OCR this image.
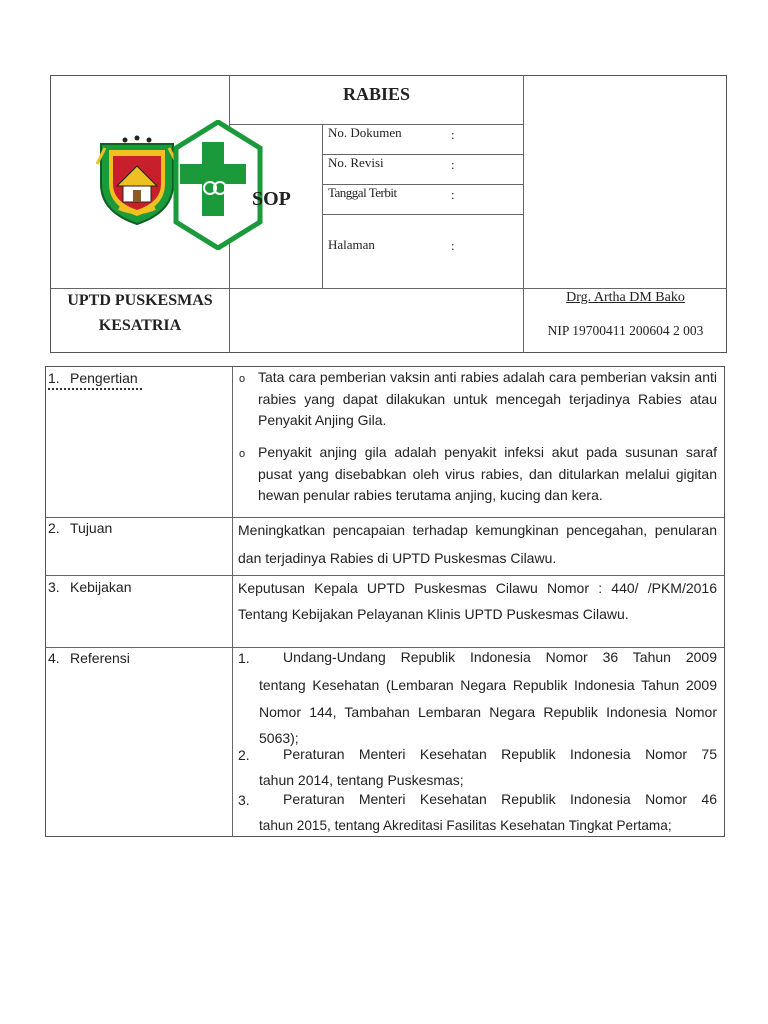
RABIES
SOP
No. Dokumen	:
No. Revisi	:
Tanggal Terbit	:
Halaman	:
UPTD PUSKESMAS
KESATRIA
Drg. Artha DM Bako
NIP 19700411 200604 2 003
1. Pengertian	o Tata cara pemberian vaksin anti rabies adalah cara pemberian vaksin anti rabies yang dapat dilakukan untuk mencegah terjadinya Rabies atau Penyakit Anjing Gila.
o Penyakit anjing gila adalah penyakit infeksi akut pada susunan saraf pusat yang disebabkan oleh virus rabies, dan ditularkan melalui gigitan hewan penular rabies terutama anjing, kucing dan kera.
2. Tujuan	Meningkatkan pencapaian terhadap kemungkinan pencegahan, penularan dan terjadinya Rabies di UPTD Puskesmas Cilawu.
3. Kebijakan	Keputusan Kepala UPTD Puskesmas Cilawu Nomor : 440/ /PKM/2016 Tentang Kebijakan Pelayanan Klinis UPTD Puskesmas Cilawu.
4. Referensi	1. Undang-Undang Republik Indonesia Nomor 36 Tahun 2009
tentang Kesehatan (Lembaran Negara Republik Indonesia Tahun 2009 Nomor 144, Tambahan Lembaran Negara Republik Indonesia Nomor 5063);
2. Peraturan Menteri Kesehatan Republik Indonesia Nomor 75
tahun 2014, tentang Puskesmas;
3. Peraturan Menteri Kesehatan Republik Indonesia Nomor 46
tahun 2015, tentang Akreditasi Fasilitas Kesehatan Tingkat Pertama;
